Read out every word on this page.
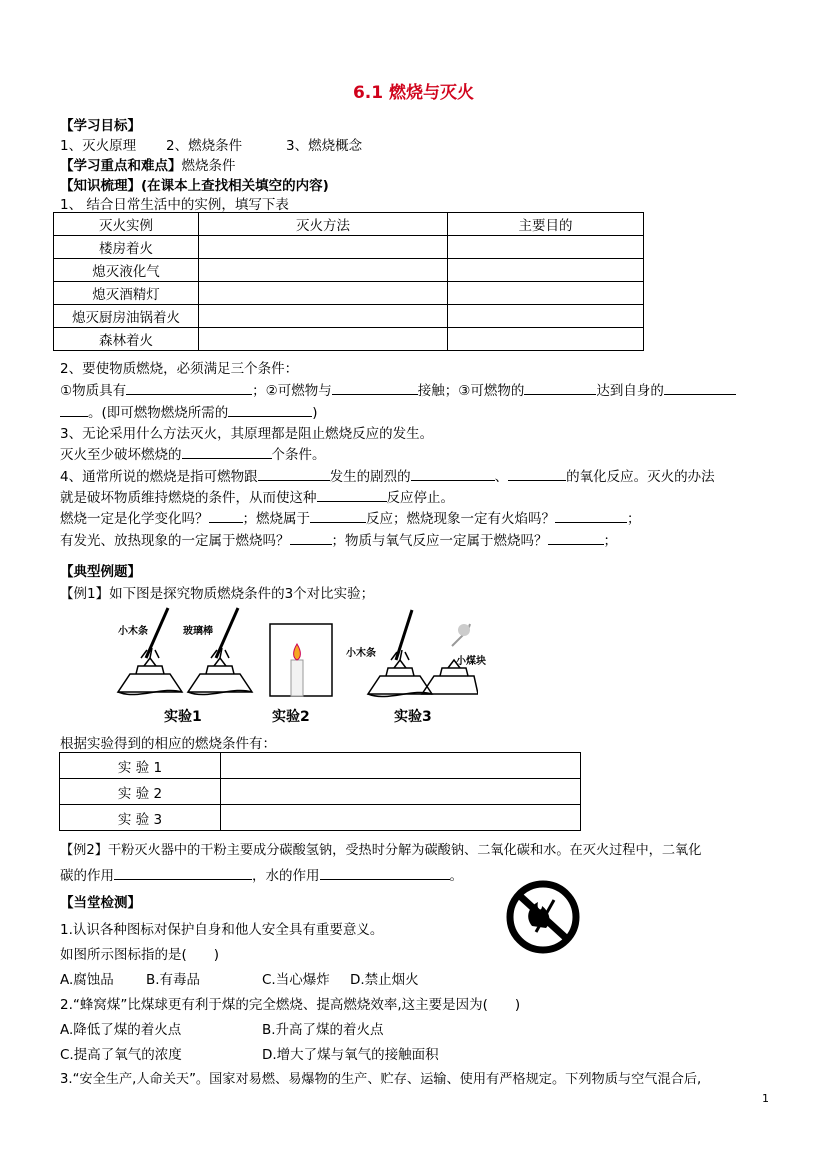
6.1 燃烧与灭火
【学习目标】
1、灭火原理 2、燃烧条件	3、燃烧概念
【学习重点和难点】燃烧条件
【知识梳理】(在课本上查找相关填空的内容)
1、 结合日常生活中的实例，填写下表
灭火实例	灭火方法	主要目的
楼房着火		
熄灭液化气		
熄灭酒精灯		
熄灭厨房油锅着火		
森林着火		
2、要使物质燃烧，必须满足三个条件：
①物质具有	；②可燃物与	接触；③可燃物的	达到自身的
。(即可燃物燃烧所需的	)
3、无论采用什么方法灭火，其原理都是阻止燃烧反应的发生。
灭火至少破坏燃烧的	个条件。
4、通常所说的燃烧是指可燃物跟	发生的剧烈的	、	的氧化反应。灭火的办法
就是破坏物质维持燃烧的条件，从而使这种	反应停止。
燃烧一定是化学变化吗？	；燃烧属于	反应；燃烧现象一定有火焰吗？	；
有发光、放热现象的一定属于燃烧吗？	；物质与氧气反应一定属于燃烧吗？	；
【典型例题】
【例1】如下图是探究物质燃烧条件的3个对比实验；
小木条	玻璃棒
小木条
小煤块
实验1	实验2	实验3
根据实验得到的相应的燃烧条件有：
实 验 1	
实 验 2	
实 验 3	
【例2】干粉灭火器中的干粉主要成分碳酸氢钠，受热时分解为碳酸钠、二氧化碳和水。在灭火过程中，二氧化
碳的作用	，水的作用	。
【当堂检测】
1.认识各种图标对保护自身和他人安全具有重要意义。
如图所示图标指的是(　　)
A.腐蚀品 B.有毒品	C.当心爆炸 D.禁止烟火
2.“蜂窝煤”比煤球更有利于煤的完全燃烧、提高燃烧效率,这主要是因为(　　)
A.降低了煤的着火点	B.升高了煤的着火点
C.提高了氧气的浓度	D.增大了煤与氧气的接触面积
3.“安全生产,人命关天”。国家对易燃、易爆物的生产、贮存、运输、使用有严格规定。下列物质与空气混合后,
1
